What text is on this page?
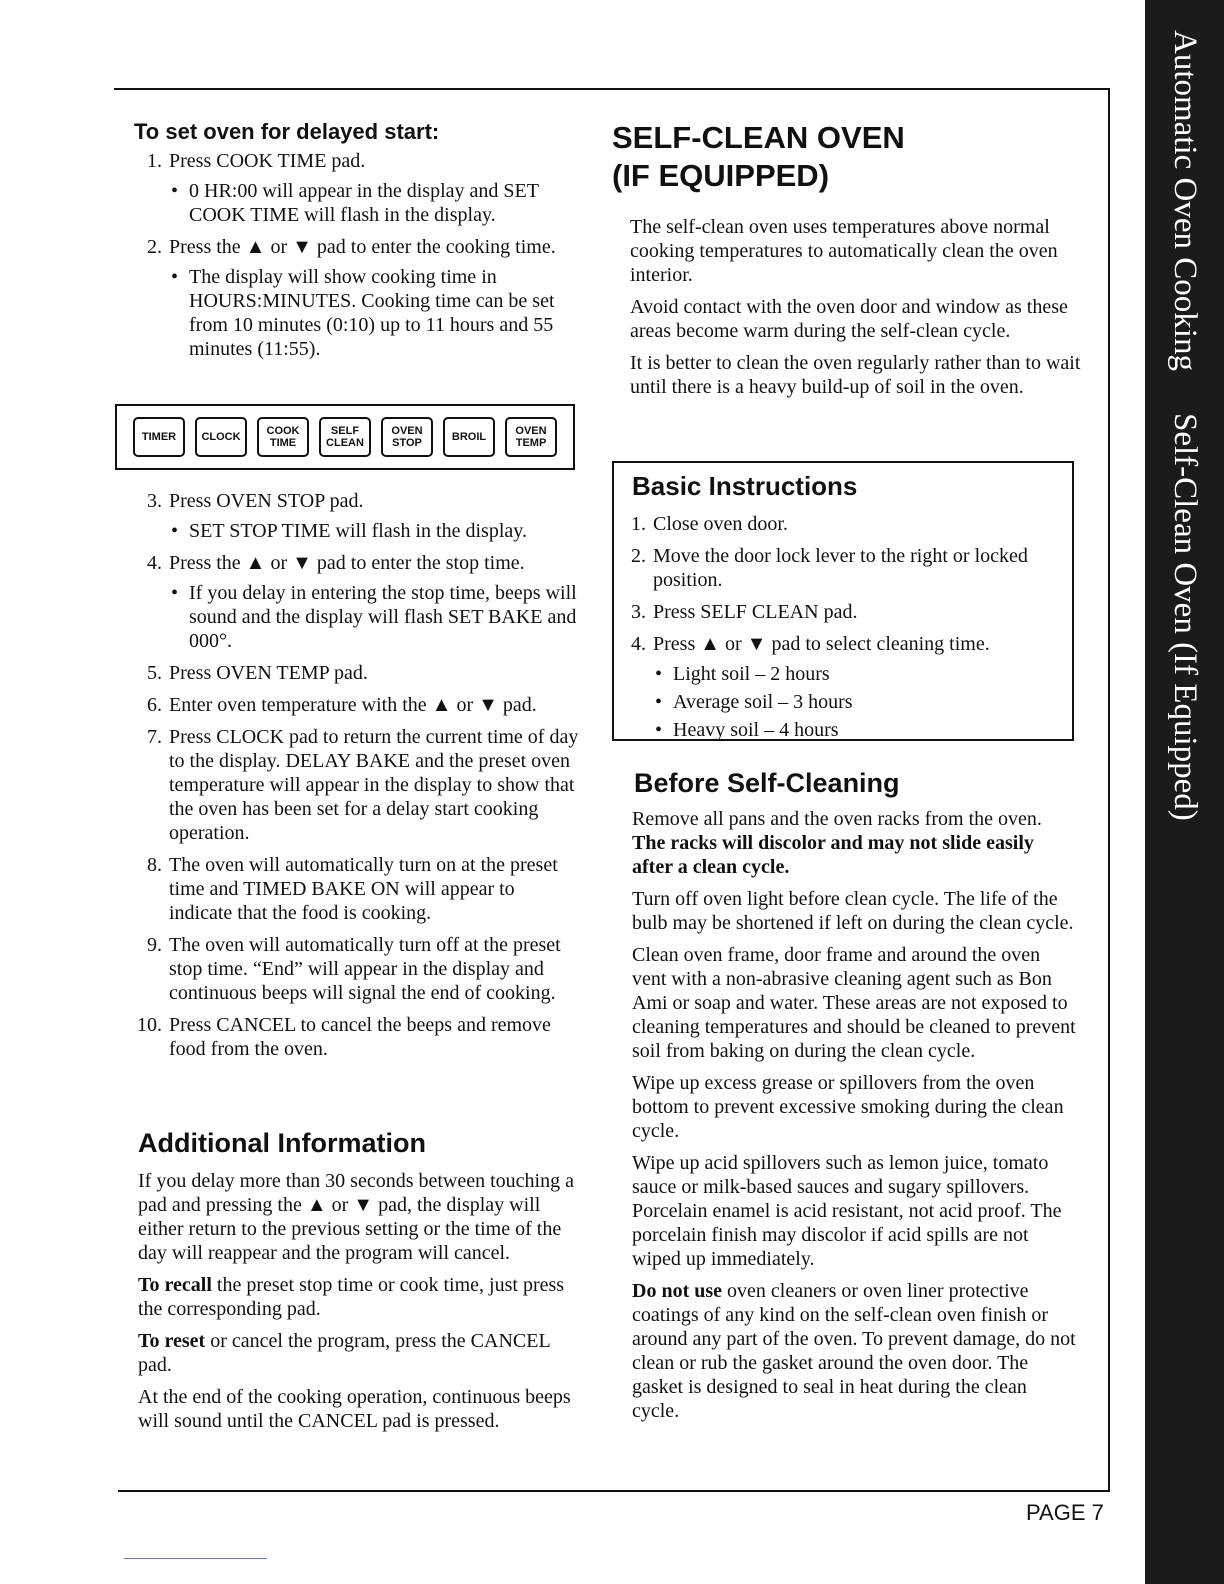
Automatic Oven CookingSelf-Clean Oven (If Equipped)
To set oven for delayed start:
1. Press COOK TIME pad.
• 0 HR:00 will appear in the display and SET COOK TIME will flash in the display.
2. Press the ▲ or ▼ pad to enter the cooking time.
• The display will show cooking time in HOURS:MINUTES. Cooking time can be set from 10 minutes (0:10) up to 11 hours and 55 minutes (11:55).
TIMER	CLOCK	COOK
TIME
SELF
CLEAN
OVEN
STOP	BROIL	OVEN
TEMP
3. Press OVEN STOP pad.
• SET STOP TIME will flash in the display.
4. Press the ▲ or ▼ pad to enter the stop time.
• If you delay in entering the stop time, beeps will sound and the display will flash SET BAKE and 000°.
5. Press OVEN TEMP pad.
6. Enter oven temperature with the ▲ or ▼ pad.
7. Press CLOCK pad to return the current time of day to the display. DELAY BAKE and the preset oven temperature will appear in the display to show that the oven has been set for a delay start cooking operation.
8. The oven will automatically turn on at the preset time and TIMED BAKE ON will appear to indicate that the food is cooking.
9. The oven will automatically turn off at the preset stop time. “End” will appear in the display and continuous beeps will signal the end of cooking.
10. Press CANCEL to cancel the beeps and remove food from the oven.
Additional Information

If you delay more than 30 seconds between touching a pad and pressing the ▲ or ▼ pad, the display will either return to the previous setting or the time of the day will reappear and the program will cancel.

To recall the preset stop time or cook time, just press the corresponding pad.

To reset or cancel the program, press the CANCEL pad.

At the end of the cooking operation, continuous beeps will sound until the CANCEL pad is pressed.

SELF-CLEAN OVEN
(IF EQUIPPED)

The self-clean oven uses temperatures above normal cooking temperatures to automatically clean the oven interior.

Avoid contact with the oven door and window as these areas become warm during the self-clean cycle.

It is better to clean the oven regularly rather than to wait until there is a heavy build-up of soil in the oven.

Basic Instructions
1. Close oven door.
2. Move the door lock lever to the right or locked position.
3. Press SELF CLEAN pad.
4. Press ▲ or ▼ pad to select cleaning time.
• Light soil – 2 hours
• Average soil – 3 hours
• Heavy soil – 4 hours
Before Self-Cleaning

Remove all pans and the oven racks from the oven. The racks will discolor and may not slide easily after a clean cycle.

Turn off oven light before clean cycle. The life of the bulb may be shortened if left on during the clean cycle.

Clean oven frame, door frame and around the oven vent with a non-abrasive cleaning agent such as Bon Ami or soap and water. These areas are not exposed to cleaning temperatures and should be cleaned to prevent soil from baking on during the clean cycle.

Wipe up excess grease or spillovers from the oven bottom to prevent excessive smoking during the clean cycle.

Wipe up acid spillovers such as lemon juice, tomato sauce or milk-based sauces and sugary spillovers. Porcelain enamel is acid resistant, not acid proof. The porcelain finish may discolor if acid spills are not wiped up immediately.

Do not use oven cleaners or oven liner protective coatings of any kind on the self-clean oven finish or around any part of the oven. To prevent damage, do not clean or rub the gasket around the oven door. The gasket is designed to seal in heat during the clean cycle.

PAGE 7
